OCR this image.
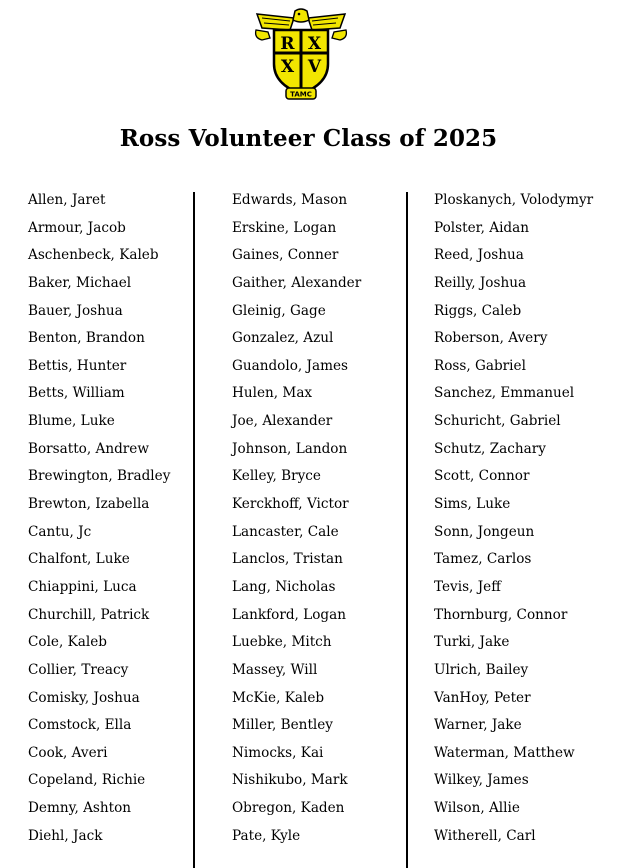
R X
X V
TAMC
Ross Volunteer Class of 2025
Allen, Jaret
Armour, Jacob
Aschenbeck, Kaleb
Baker, Michael
Bauer, Joshua
Benton, Brandon
Bettis, Hunter
Betts, William
Blume, Luke
Borsatto, Andrew
Brewington, Bradley
Brewton, Izabella
Cantu, Jc
Chalfont, Luke
Chiappini, Luca
Churchill, Patrick
Cole, Kaleb
Collier, Treacy
Comisky, Joshua
Comstock, Ella
Cook, Averi
Copeland, Richie
Demny, Ashton
Diehl, Jack
Edwards, Mason
Erskine, Logan
Gaines, Conner
Gaither, Alexander
Gleinig, Gage
Gonzalez, Azul
Guandolo, James
Hulen, Max
Joe, Alexander
Johnson, Landon
Kelley, Bryce
Kerckhoff, Victor
Lancaster, Cale
Lanclos, Tristan
Lang, Nicholas
Lankford, Logan
Luebke, Mitch
Massey, Will
McKie, Kaleb
Miller, Bentley
Nimocks, Kai
Nishikubo, Mark
Obregon, Kaden
Pate, Kyle
Ploskanych, Volodymyr
Polster, Aidan
Reed, Joshua
Reilly, Joshua
Riggs, Caleb
Roberson, Avery
Ross, Gabriel
Sanchez, Emmanuel
Schuricht, Gabriel
Schutz, Zachary
Scott, Connor
Sims, Luke
Sonn, Jongeun
Tamez, Carlos
Tevis, Jeff
Thornburg, Connor
Turki, Jake
Ulrich, Bailey
VanHoy, Peter
Warner, Jake
Waterman, Matthew
Wilkey, James
Wilson, Allie
Witherell, Carl
